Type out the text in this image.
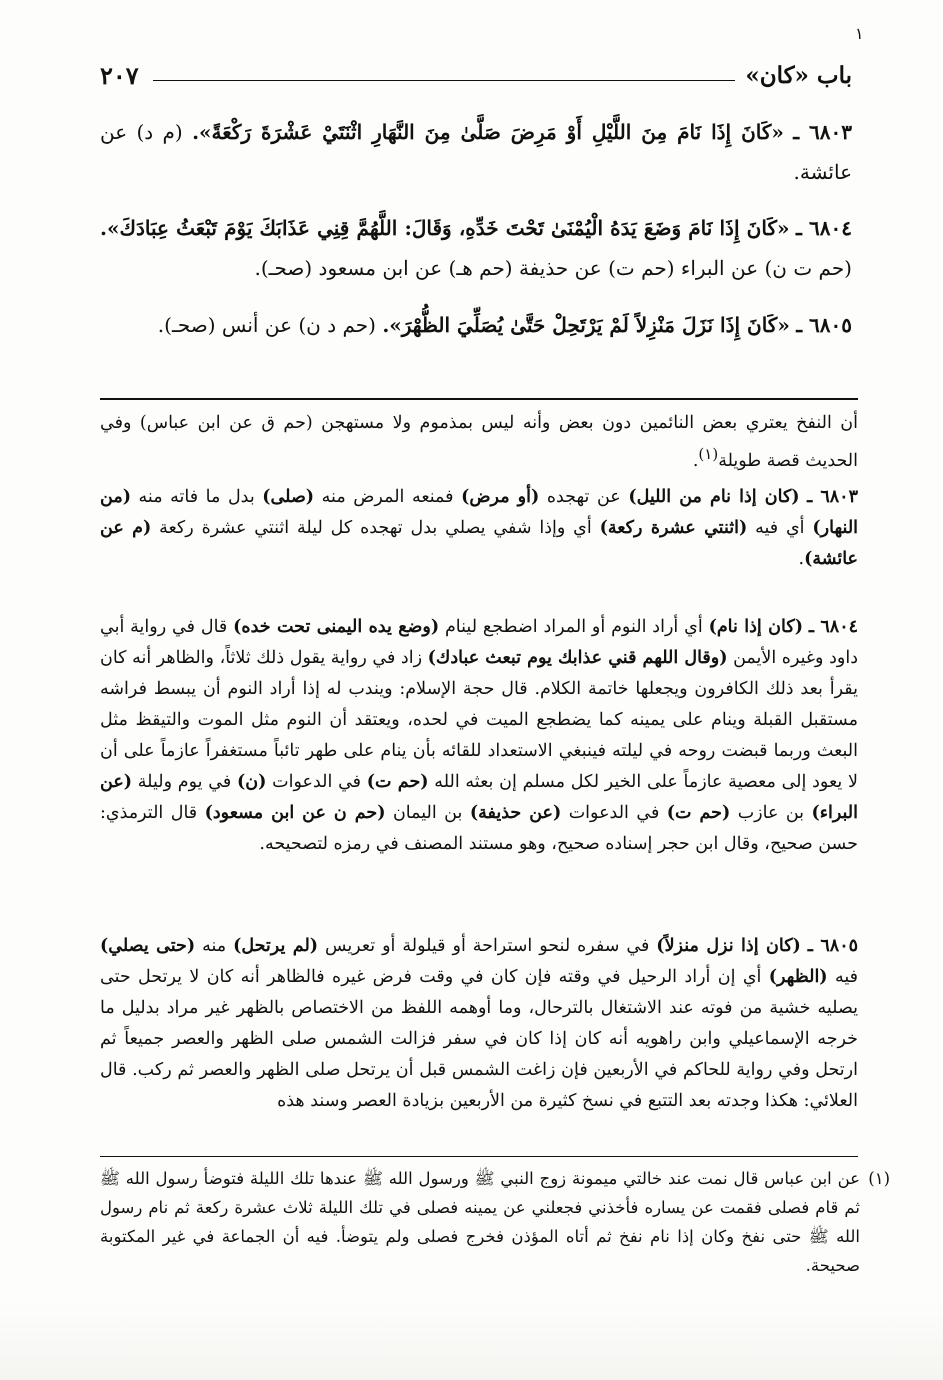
١
باب «كان»
٢٠٧
٦٨٠٣ ـ «كَانَ إِذَا نَامَ مِنَ اللَّيْلِ أَوْ مَرِضَ صَلَّىٰ مِنَ النَّهَارِ اثْنَتَيْ عَشْرَةَ رَكْعَةً». (م د) عن عائشة.
٦٨٠٤ ـ «كَانَ إِذَا نَامَ وَضَعَ يَدَهُ الْيُمْنَىٰ تَحْتَ خَدِّهِ، وَقَالَ: اللَّهُمَّ قِنِي عَذَابَكَ يَوْمَ تَبْعَثُ عِبَادَكَ». (حم ت ن) عن البراء (حم ت) عن حذيفة (حم هـ) عن ابن مسعود (صحـ).
٦٨٠٥ ـ «كَانَ إِذَا نَزَلَ مَنْزِلاً لَمْ يَرْتَحِلْ حَتَّىٰ يُصَلِّيَ الظُّهْرَ». (حم د ن) عن أنس (صحـ).
أن النفخ يعتري بعض النائمين دون بعض وأنه ليس بمذموم ولا مستهجن (حم ق عن ابن عباس) وفي الحديث قصة طويلة$^{(١)}$.
٦٨٠٣ ـ (كان إذا نام من الليل) عن تهجده (أو مرض) فمنعه المرض منه (صلى) بدل ما فاته منه (من النهار) أي فيه (اثنتي عشرة ركعة) أي وإذا شفي يصلي بدل تهجده كل ليلة اثنتي عشرة ركعة (م عن عائشة).
٦٨٠٤ ـ (كان إذا نام) أي أراد النوم أو المراد اضطجع لينام (وضع يده اليمنى تحت خده) قال في رواية أبي داود وغيره الأيمن (وقال اللهم قني عذابك يوم تبعث عبادك) زاد في رواية يقول ذلك ثلاثاً، والظاهر أنه كان يقرأ بعد ذلك الكافرون ويجعلها خاتمة الكلام. قال حجة الإسلام: ويندب له إذا أراد النوم أن يبسط فراشه مستقبل القبلة وينام على يمينه كما يضطجع الميت في لحده، ويعتقد أن النوم مثل الموت والتيقظ مثل البعث وربما قبضت روحه في ليلته فينبغي الاستعداد للقائه بأن ينام على طهر تائباً مستغفراً عازماً على أن لا يعود إلى معصية عازماً على الخير لكل مسلم إن بعثه الله (حم ت) في الدعوات (ن) في يوم وليلة (عن البراء) بن عازب (حم ت) في الدعوات (عن حذيفة) بن اليمان (حم ن عن ابن مسعود) قال الترمذي: حسن صحيح، وقال ابن حجر إسناده صحيح، وهو مستند المصنف في رمزه لتصحيحه.
٦٨٠٥ ـ (كان إذا نزل منزلاً) في سفره لنحو استراحة أو قيلولة أو تعريس (لم يرتحل) منه (حتى يصلي) فيه (الظهر) أي إن أراد الرحيل في وقته فإن كان في وقت فرض غيره فالظاهر أنه كان لا يرتحل حتى يصليه خشية من فوته عند الاشتغال بالترحال، وما أوهمه اللفظ من الاختصاص بالظهر غير مراد بدليل ما خرجه الإسماعيلي وابن راهويه أنه كان إذا كان في سفر فزالت الشمس صلى الظهر والعصر جميعاً ثم ارتحل وفي رواية للحاكم في الأربعين فإن زاغت الشمس قبل أن يرتحل صلى الظهر والعصر ثم ركب. قال العلائي: هكذا وجدته بعد التتبع في نسخ كثيرة من الأربعين بزيادة العصر وسند هذه
(١)
عن ابن عباس قال نمت عند خالتي ميمونة زوج النبي ﷺ ورسول الله ﷺ عندها تلك الليلة فتوضأ رسول الله ﷺ ثم قام فصلى فقمت عن يساره فأخذني فجعلني عن يمينه فصلى في تلك الليلة ثلاث عشرة ركعة ثم نام رسول الله ﷺ حتى نفخ وكان إذا نام نفخ ثم أتاه المؤذن فخرج فصلى ولم يتوضأ. فيه أن الجماعة في غير المكتوبة صحيحة.
